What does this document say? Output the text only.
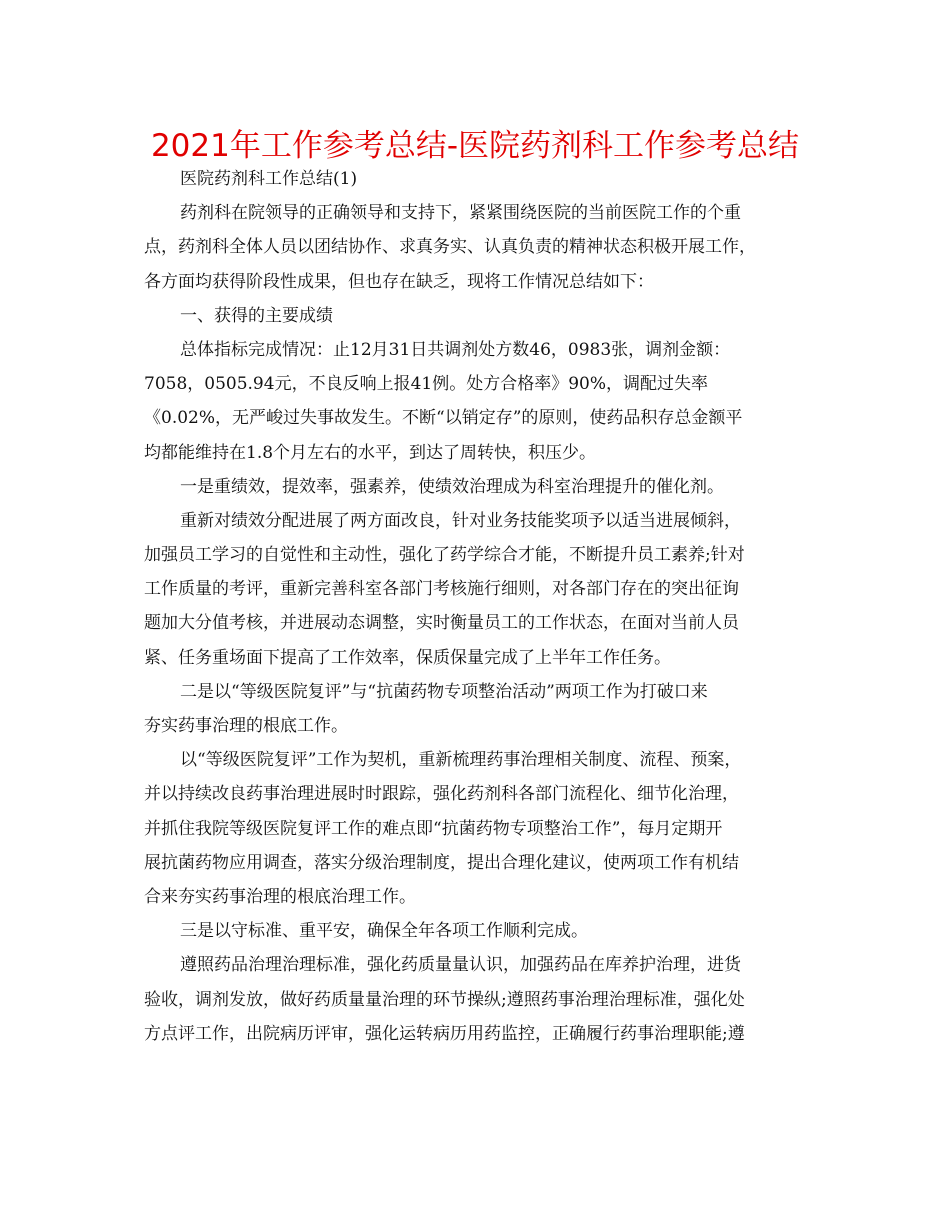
2021年工作参考总结-医院药剂科工作参考总结
医院药剂科工作总结(1)
药剂科在院领导的正确领导和支持下，紧紧围绕医院的当前医院工作的个重
点，药剂科全体人员以团结协作、求真务实、认真负责的精神状态积极开展工作，
各方面均获得阶段性成果，但也存在缺乏，现将工作情况总结如下：
一、获得的主要成绩
总体指标完成情况：止12月31日共调剂处方数46，0983张，调剂金额：
7058，0505.94元，不良反响上报41例。处方合格率》90%，调配过失率
《0.02%，无严峻过失事故发生。不断“以销定存”的原则，使药品积存总金额平
均都能维持在1.8个月左右的水平，到达了周转快，积压少。
一是重绩效，提效率，强素养，使绩效治理成为科室治理提升的催化剂。
重新对绩效分配进展了两方面改良，针对业务技能奖项予以适当进展倾斜，
加强员工学习的自觉性和主动性，强化了药学综合才能，不断提升员工素养;针对
工作质量的考评，重新完善科室各部门考核施行细则，对各部门存在的突出征询
题加大分值考核，并进展动态调整，实时衡量员工的工作状态，在面对当前人员
紧、任务重场面下提高了工作效率，保质保量完成了上半年工作任务。
二是以“等级医院复评”与“抗菌药物专项整治活动”两项工作为打破口来
夯实药事治理的根底工作。
以“等级医院复评”工作为契机，重新梳理药事治理相关制度、流程、预案，
并以持续改良药事治理进展时时跟踪，强化药剂科各部门流程化、细节化治理，
并抓住我院等级医院复评工作的难点即“抗菌药物专项整治工作”，每月定期开
展抗菌药物应用调查，落实分级治理制度，提出合理化建议，使两项工作有机结
合来夯实药事治理的根底治理工作。
三是以守标准、重平安，确保全年各项工作顺利完成。
遵照药品治理治理标准，强化药质量量认识，加强药品在库养护治理，进货
验收，调剂发放，做好药质量量治理的环节操纵;遵照药事治理治理标准，强化处
方点评工作，出院病历评审，强化运转病历用药监控，正确履行药事治理职能;遵
